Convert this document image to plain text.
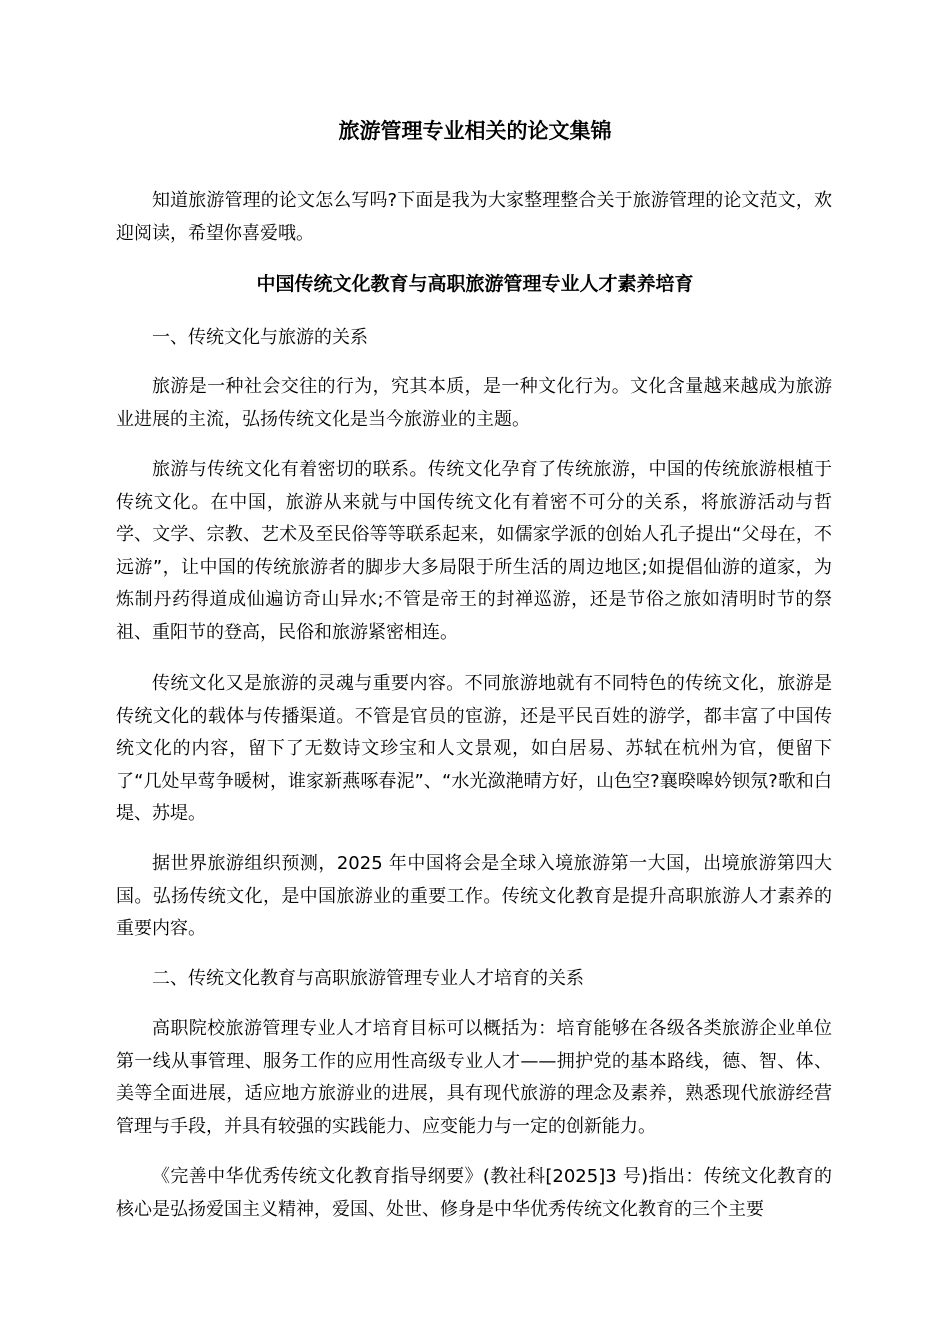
旅游管理专业相关的论文集锦

知道旅游管理的论文怎么写吗?下面是我为大家整理整合关于旅游管理的论文范文，欢迎阅读，希望你喜爱哦。

中国传统文化教育与高职旅游管理专业人才素养培育

一、传统文化与旅游的关系

旅游是一种社会交往的行为，究其本质，是一种文化行为。文化含量越来越成为旅游业进展的主流，弘扬传统文化是当今旅游业的主题。

旅游与传统文化有着密切的联系。传统文化孕育了传统旅游，中国的传统旅游根植于传统文化。在中国，旅游从来就与中国传统文化有着密不可分的关系，将旅游活动与哲学、文学、宗教、艺术及至民俗等等联系起来，如儒家学派的创始人孔子提出“父母在，不远游”，让中国的传统旅游者的脚步大多局限于所生活的周边地区;如提倡仙游的道家，为炼制丹药得道成仙遍访奇山异水;不管是帝王的封禅巡游，还是节俗之旅如清明时节的祭祖、重阳节的登高，民俗和旅游紧密相连。

传统文化又是旅游的灵魂与重要内容。不同旅游地就有不同特色的传统文化，旅游是传统文化的载体与传播渠道。不管是官员的宦游，还是平民百姓的游学，都丰富了中国传统文化的内容，留下了无数诗文珍宝和人文景观，如白居易、苏轼在杭州为官，便留下了“几处早莺争暖树，谁家新燕啄春泥”、“水光潋滟晴方好，山色空?襄暌嗥妗钡氖?歌和白堤、苏堤。

据世界旅游组织预测，2025 年中国将会是全球入境旅游第一大国，出境旅游第四大国。弘扬传统文化，是中国旅游业的重要工作。传统文化教育是提升高职旅游人才素养的重要内容。

二、传统文化教育与高职旅游管理专业人才培育的关系

高职院校旅游管理专业人才培育目标可以概括为：培育能够在各级各类旅游企业单位第一线从事管理、服务工作的应用性高级专业人才——拥护党的基本路线，德、智、体、美等全面进展，适应地方旅游业的进展，具有现代旅游的理念及素养，熟悉现代旅游经营管理与手段，并具有较强的实践能力、应变能力与一定的创新能力。

《完善中华优秀传统文化教育指导纲要》(教社科[2025]3 号)指出：传统文化教育的核心是弘扬爱国主义精神，爱国、处世、修身是中华优秀传统文化教育的三个主要
